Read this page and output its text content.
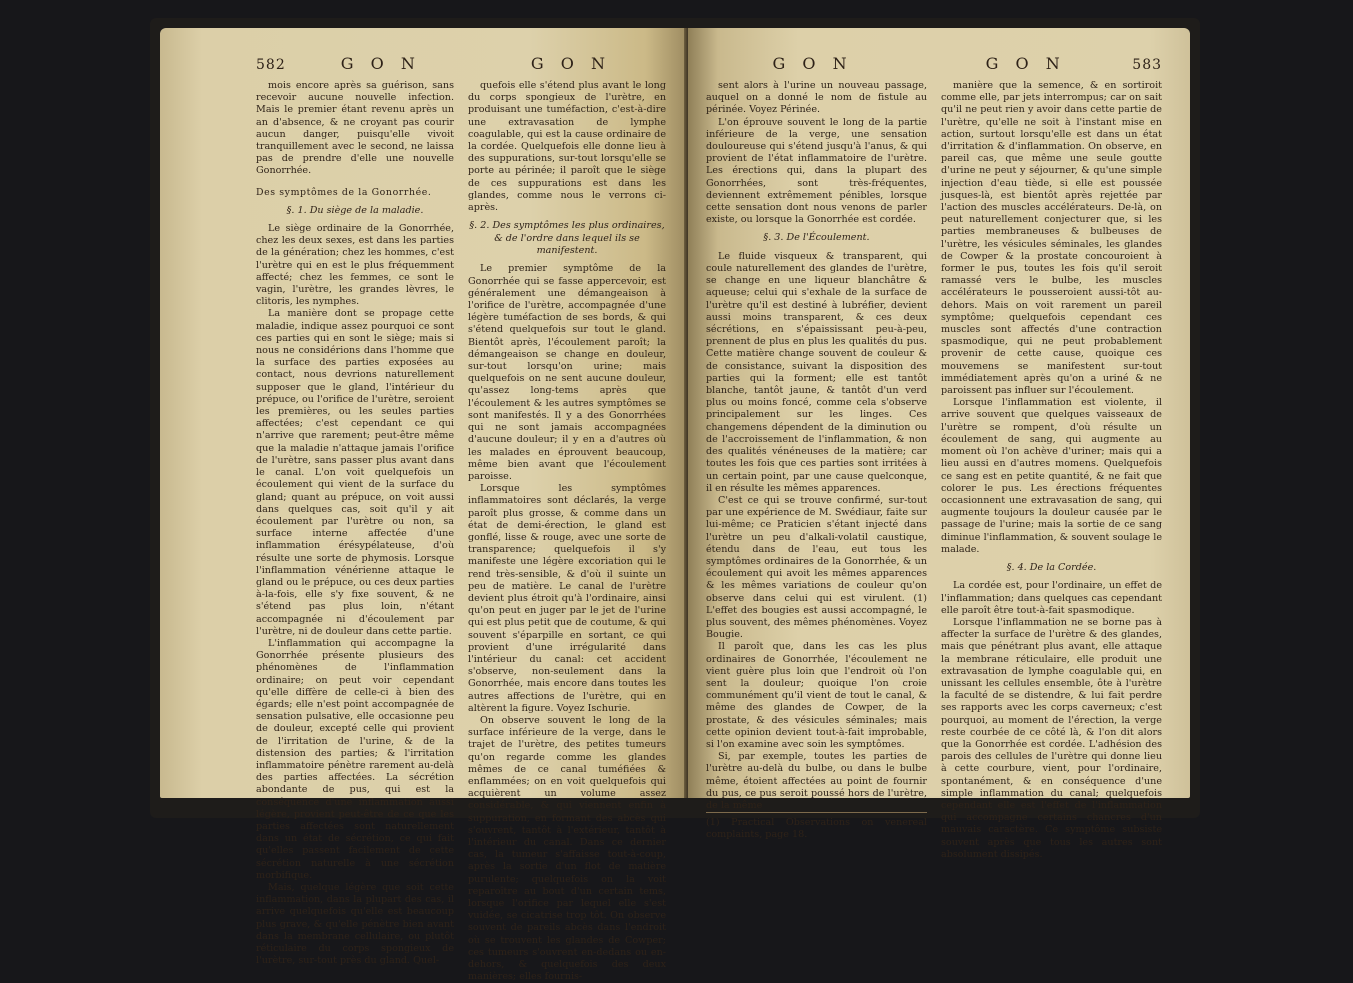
582	G O N	G O N

mois encore après sa guérison, sans recevoir aucune nouvelle infection. Mais le premier étant revenu après un an d'absence, & ne croyant pas courir aucun danger, puisqu'elle vivoit tranquillement avec le second, ne laissa pas de prendre d'elle une nouvelle Gonorrhée.

Des symptômes de la Gonorrhée.

§. 1. Du siège de la maladie.

Le siège ordinaire de la Gonorrhée, chez les deux sexes, est dans les parties de la génération; chez les hommes, c'est l'urètre qui en est le plus fréquemment affecté; chez les femmes, ce sont le vagin, l'urètre, les grandes lèvres, le clitoris, les nymphes.

La manière dont se propage cette maladie, indique assez pourquoi ce sont ces parties qui en sont le siège; mais si nous ne considérions dans l'homme que la surface des parties exposées au contact, nous devrions naturellement supposer que le gland, l'intérieur du prépuce, ou l'orifice de l'urètre, seroient les premières, ou les seules parties affectées; c'est cependant ce qui n'arrive que rarement; peut-être même que la maladie n'attaque jamais l'orifice de l'urètre, sans passer plus avant dans le canal. L'on voit quelquefois un écoulement qui vient de la surface du gland; quant au prépuce, on voit aussi dans quelques cas, soit qu'il y ait écoulement par l'urètre ou non, sa surface interne affectée d'une inflammation érésypélateuse, d'où résulte une sorte de phymosis. Lorsque l'inflammation vénérienne attaque le gland ou le prépuce, ou ces deux parties à-la-fois, elle s'y fixe souvent, & ne s'étend pas plus loin, n'étant accompagnée ni d'écoulement par l'urètre, ni de douleur dans cette partie.

L'inflammation qui accompagne la Gonorrhée présente plusieurs des phénomènes de l'inflammation ordinaire; on peut voir cependant qu'elle diffère de celle-ci à bien des égards; elle n'est point accompagnée de sensation pulsative, elle occasionne peu de douleur, excepté celle qui provient de l'irritation de l'urine, & de la distension des parties; & l'irritation inflammatoire pénètre rarement au-delà des parties affectées. La sécrétion abondante de pus, qui est la conséquence d'une inflammation aussi légère, provient peut-être de ce que les parties affectées sont naturellement dans un état de sécrétion, ce qui fait qu'elles passent facilement de cette sécrétion naturelle à une sécrétion morbifique.

Mais, quelque légère que soit cette inflammation, dans la plupart des cas, il arrive quelquefois qu'elle est beaucoup plus grave, & qu'elle pénètre bien avant dans la membrane cellulaire, ou plutôt réticulaire du corps spongieux de l'urètre, sur-tout près du gland. Quel-

quefois elle s'étend plus avant le long du corps spongieux de l'urètre, en produisant une tuméfaction, c'est-à-dire une extravasation de lymphe coagulable, qui est la cause ordinaire de la cordée. Quelquefois elle donne lieu à des suppurations, sur-tout lorsqu'elle se porte au périnée; il paroît que le siège de ces suppurations est dans les glandes, comme nous le verrons ci-après.

§. 2. Des symptômes les plus ordinaires, & de l'ordre dans lequel ils se manifestent.

Le premier symptôme de la Gonorrhée qui se fasse appercevoir, est généralement une démangeaison à l'orifice de l'urètre, accompagnée d'une légère tuméfaction de ses bords, & qui s'étend quelquefois sur tout le gland. Bientôt après, l'écoulement paroît; la démangeaison se change en douleur, sur-tout lorsqu'on urine; mais quelquefois on ne sent aucune douleur, qu'assez long-tems après que l'écoulement & les autres symptômes se sont manifestés. Il y a des Gonorrhées qui ne sont jamais accompagnées d'aucune douleur; il y en a d'autres où les malades en éprouvent beaucoup, même bien avant que l'écoulement paroisse.

Lorsque les symptômes inflammatoires sont déclarés, la verge paroît plus grosse, & comme dans un état de demi-érection, le gland est gonflé, lisse & rouge, avec une sorte de transparence; quelquefois il s'y manifeste une légère excoriation qui le rend très-sensible, & d'où il suinte un peu de matière. Le canal de l'urètre devient plus étroit qu'à l'ordinaire, ainsi qu'on peut en juger par le jet de l'urine qui est plus petit que de coutume, & qui souvent s'éparpille en sortant, ce qui provient d'une irrégularité dans l'intérieur du canal: cet accident s'observe, non-seulement dans la Gonorrhée, mais encore dans toutes les autres affections de l'urètre, qui en altèrent la figure. Voyez Ischurie.

On observe souvent le long de la surface inférieure de la verge, dans le trajet de l'urètre, des petites tumeurs qu'on regarde comme les glandes mêmes de ce canal tuméfiées & enflammées; on en voit quelquefois qui acquièrent un volume assez considérable, & qui viennent enfin à suppuration, en formant des abcès qui s'ouvrent, tantôt à l'extérieur, tantôt à l'intérieur du canal. Dans ce dernier cas, la tumeur s'affaisse tout-à-coup, après la sortie d'un flot de matière purulente; quelquefois on la voit reparoître au bout d'un certain tems, lorsque l'orifice par lequel elle s'est vuidée, se cicatrise trop tôt. On observe souvent de pareils abcès dans l'endroit où se trouvent les glandes de Cowper; ces tumeurs s'ouvrent en-dedans ou en-dehors, & quelquefois des deux manières; elles fournis-

G O N	G O N	583

sent alors à l'urine un nouveau passage, auquel on a donné le nom de fistule au périnée. Voyez Périnée.

L'on éprouve souvent le long de la partie inférieure de la verge, une sensation douloureuse qui s'étend jusqu'à l'anus, & qui provient de l'état inflammatoire de l'urètre. Les érections qui, dans la plupart des Gonorrhées, sont très-fréquentes, deviennent extrêmement pénibles, lorsque cette sensation dont nous venons de parler existe, ou lorsque la Gonorrhée est cordée.

§. 3. De l'Écoulement.

Le fluide visqueux & transparent, qui coule naturellement des glandes de l'urètre, se change en une liqueur blanchâtre & aqueuse; celui qui s'exhale de la surface de l'urètre qu'il est destiné à lubréfier, devient aussi moins transparent, & ces deux sécrétions, en s'épaississant peu-à-peu, prennent de plus en plus les qualités du pus. Cette matière change souvent de couleur & de consistance, suivant la disposition des parties qui la forment; elle est tantôt blanche, tantôt jaune, & tantôt d'un verd plus ou moins foncé, comme cela s'observe principalement sur les linges. Ces changemens dépendent de la diminution ou de l'accroissement de l'inflammation, & non des qualités vénéneuses de la matière; car toutes les fois que ces parties sont irritées à un certain point, par une cause quelconque, il en résulte les mêmes apparences.

C'est ce qui se trouve confirmé, sur-tout par une expérience de M. Swédiaur, faite sur lui-même; ce Praticien s'étant injecté dans l'urètre un peu d'alkali-volatil caustique, étendu dans de l'eau, eut tous les symptômes ordinaires de la Gonorrhée, & un écoulement qui avoit les mêmes apparences & les mêmes variations de couleur qu'on observe dans celui qui est virulent. (1) L'effet des bougies est aussi accompagné, le plus souvent, des mêmes phénomènes. Voyez Bougie.

Il paroît que, dans les cas les plus ordinaires de Gonorrhée, l'écoulement ne vient guère plus loin que l'endroit où l'on sent la douleur; quoique l'on croie communément qu'il vient de tout le canal, & même des glandes de Cowper, de la prostate, & des vésicules séminales; mais cette opinion devient tout-à-fait improbable, si l'on examine avec soin les symptômes.

Si, par exemple, toutes les parties de l'urètre au-delà du bulbe, ou dans le bulbe même, étoient affectées au point de fournir du pus, ce pus seroit poussé hors de l'urètre, de la même

(1) Practical Observations on venereal complaints, page 18.

manière que la semence, & en sortiroit comme elle, par jets interrompus; car on sait qu'il ne peut rien y avoir dans cette partie de l'urètre, qu'elle ne soit à l'instant mise en action, surtout lorsqu'elle est dans un état d'irritation & d'inflammation. On observe, en pareil cas, que même une seule goutte d'urine ne peut y séjourner, & qu'une simple injection d'eau tiède, si elle est poussée jusques-là, est bientôt après rejettée par l'action des muscles accélérateurs. De-là, on peut naturellement conjecturer que, si les parties membraneuses & bulbeuses de l'urètre, les vésicules séminales, les glandes de Cowper & la prostate concouroient à former le pus, toutes les fois qu'il seroit ramassé vers le bulbe, les muscles accélérateurs le pousseroient aussi-tôt au-dehors. Mais on voit rarement un pareil symptôme; quelquefois cependant ces muscles sont affectés d'une contraction spasmodique, qui ne peut probablement provenir de cette cause, quoique ces mouvemens se manifestent sur-tout immédiatement après qu'on a uriné & ne paroissent pas influer sur l'écoulement.

Lorsque l'inflammation est violente, il arrive souvent que quelques vaisseaux de l'urètre se rompent, d'où résulte un écoulement de sang, qui augmente au moment où l'on achève d'uriner; mais qui a lieu aussi en d'autres momens. Quelquefois ce sang est en petite quantité, & ne fait que colorer le pus. Les érections fréquentes occasionnent une extravasation de sang, qui augmente toujours la douleur causée par le passage de l'urine; mais la sortie de ce sang diminue l'inflammation, & souvent soulage le malade.

§. 4. De la Cordée.

La cordée est, pour l'ordinaire, un effet de l'inflammation; dans quelques cas cependant elle paroît être tout-à-fait spasmodique.

Lorsque l'inflammation ne se borne pas à affecter la surface de l'urètre & des glandes, mais que pénétrant plus avant, elle attaque la membrane réticulaire, elle produit une extravasation de lymphe coagulable qui, en unissant les cellules ensemble, ôte à l'urètre la faculté de se distendre, & lui fait perdre ses rapports avec les corps caverneux; c'est pourquoi, au moment de l'érection, la verge reste courbée de ce côté là, & l'on dit alors que la Gonorrhée est cordée. L'adhésion des parois des cellules de l'urètre qui donne lieu à cette courbure, vient, pour l'ordinaire, spontanément, & en conséquence d'une simple inflammation du canal; quelquefois cependant elle est l'effet de l'inflammation qui accompagne certains chancres d'un mauvais caractère. Ce symptôme subsiste souvent après que tous les autres sont absolument dissipés.
